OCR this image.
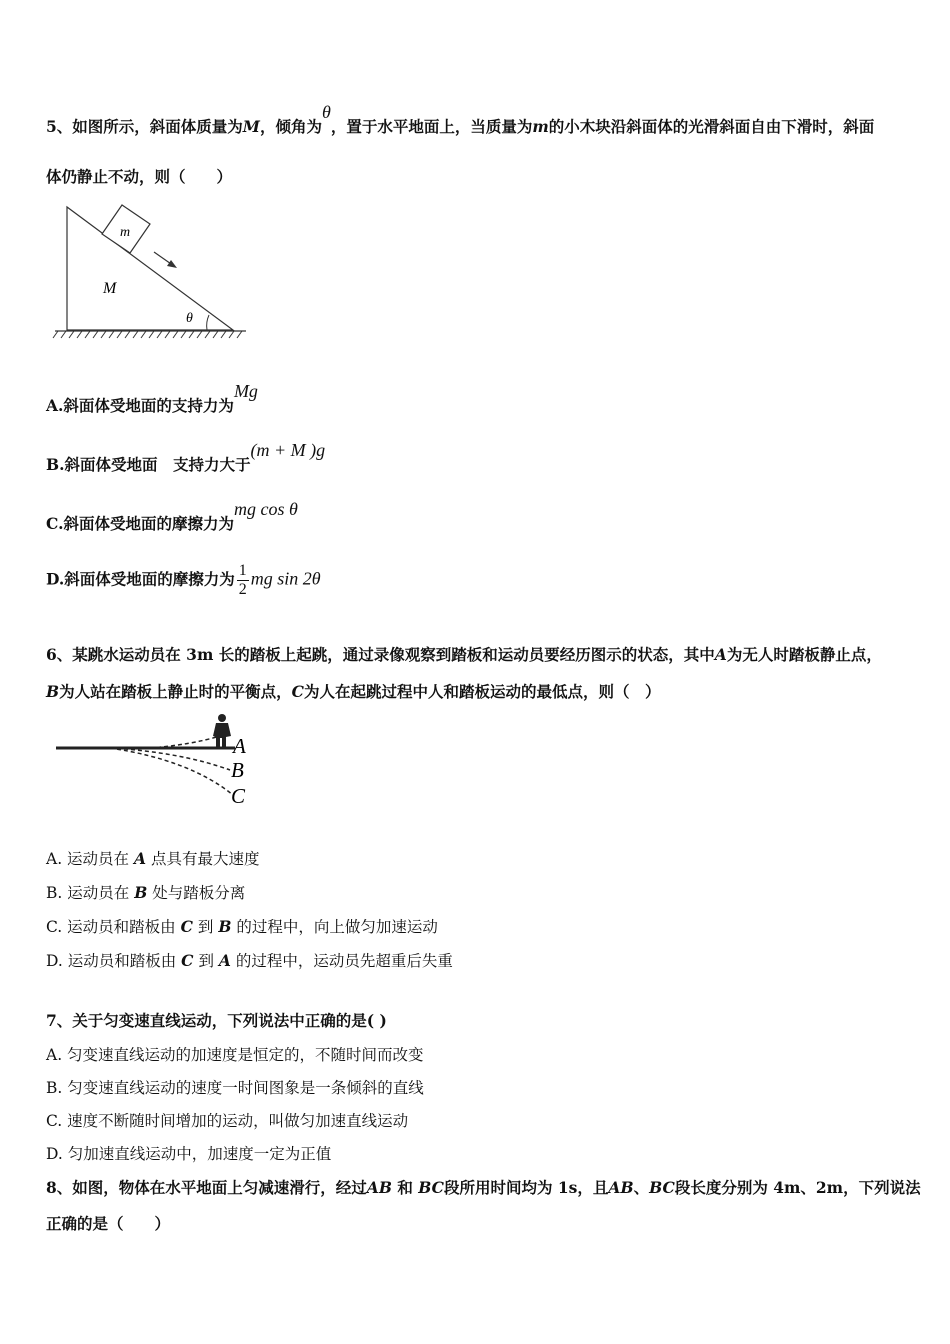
5、如图所示，斜面体质量为M，倾角为θ，置于水平地面上，当质量为m的小木块沿斜面体的光滑斜面自由下滑时，斜面
体仍静止不动，则（　　）
m
M
θ
A.斜面体受地面的支持力为Mg
B.斜面体受地面　支持力大于(m + M )g
C.斜面体受地面的摩擦力为mg cos θ
D.斜面体受地面的摩擦力为 $\frac{1}{2}$ mg sin 2θ
6、某跳水运动员在 3m 长的踏板上起跳，通过录像观察到踏板和运动员要经历图示的状态，其中A为无人时踏板静止点，
B为人站在踏板上静止时的平衡点，C为人在起跳过程中人和踏板运动的最低点，则（　）
A
B
C
A. 运动员在 A 点具有最大速度
B. 运动员在 B 处与踏板分离
C. 运动员和踏板由 C 到 B 的过程中，向上做匀加速运动
D. 运动员和踏板由 C 到 A 的过程中，运动员先超重后失重
7、关于匀变速直线运动，下列说法中正确的是( )
A. 匀变速直线运动的加速度是恒定的，不随时间而改变
B. 匀变速直线运动的速度一时间图象是一条倾斜的直线
C. 速度不断随时间增加的运动，叫做匀加速直线运动
D. 匀加速直线运动中，加速度一定为正值
8、如图，物体在水平地面上匀减速滑行，经过AB 和 BC段所用时间均为 1s，且AB、BC段长度分别为 4m、2m，下列说法
正确的是（　　）
